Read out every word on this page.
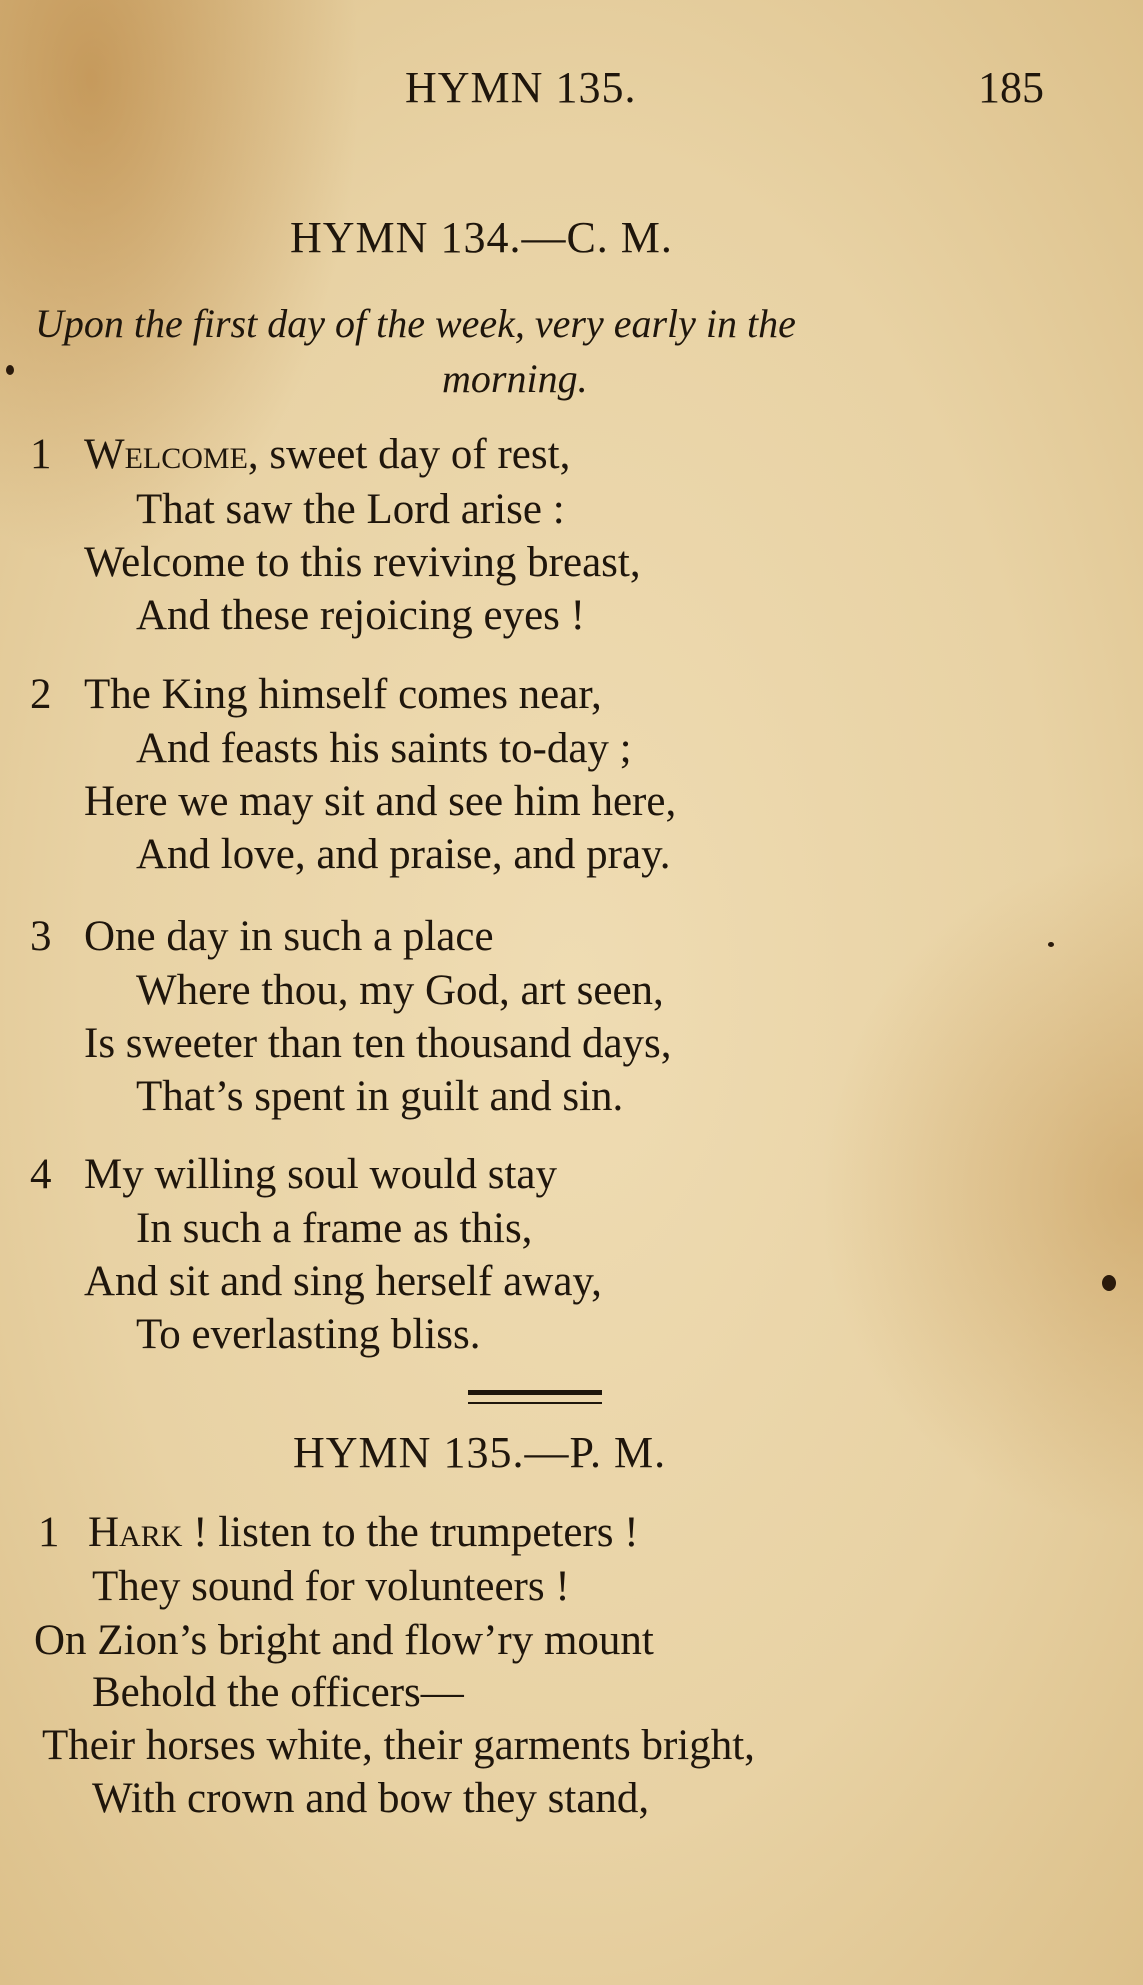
HYMN 135.	185
HYMN 134.—C. M.
Upon the first day of the week, very early in the
morning.
1 Welcome, sweet day of rest,
That saw the Lord arise :
Welcome to this reviving breast,
And these rejoicing eyes !
2 The King himself comes near,
And feasts his saints to-day ;
Here we may sit and see him here,
And love, and praise, and pray.
3 One day in such a place
Where thou, my God, art seen,
Is sweeter than ten thousand days,
That’s spent in guilt and sin.
4 My willing soul would stay
In such a frame as this,
And sit and sing herself away,
To everlasting bliss.
HYMN 135.—P. M.
1 Hark ! listen to the trumpeters !
They sound for volunteers !
On Zion’s bright and flow’ry mount
Behold the officers—
Their horses white, their garments bright,
With crown and bow they stand,
